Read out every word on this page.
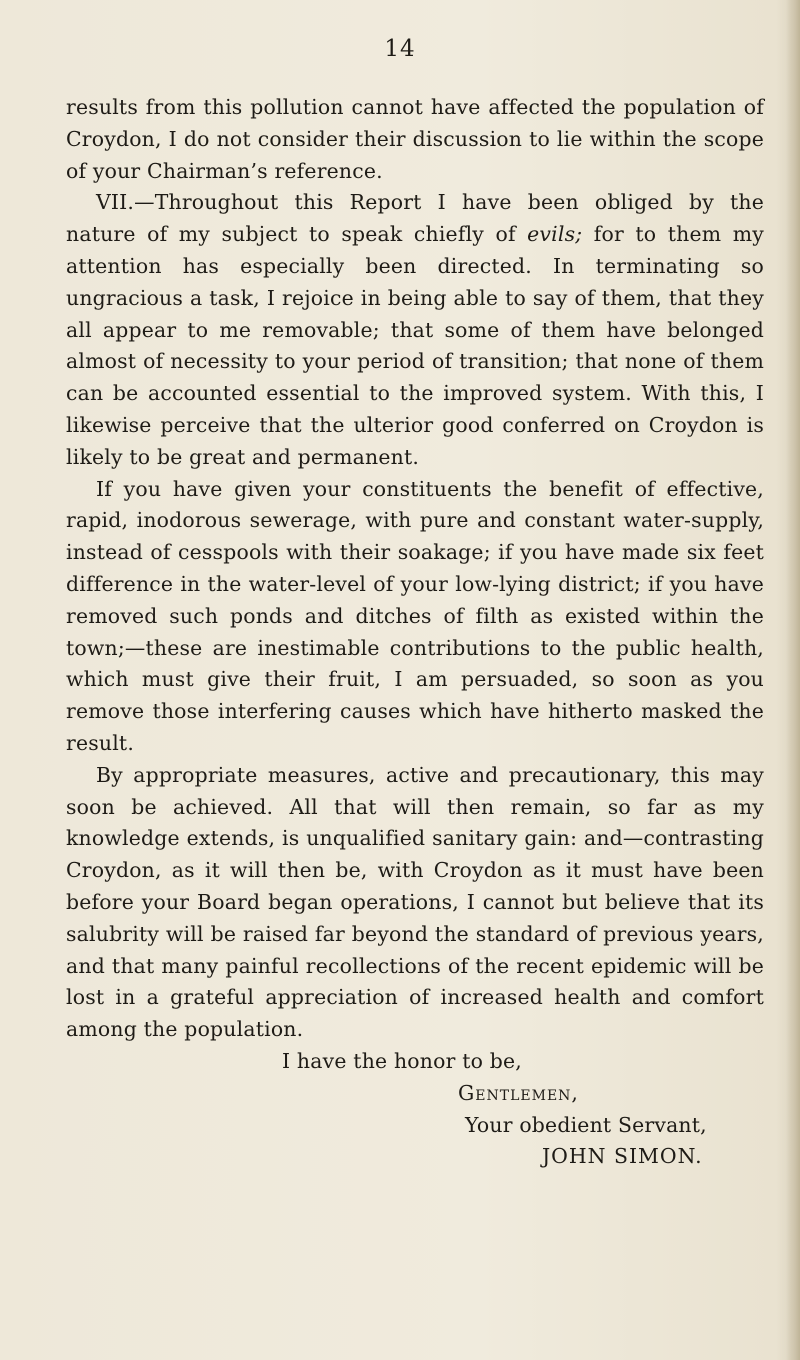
14

results from this pollution cannot have affected the population of Croydon, I do not consider their discussion to lie within the scope of your Chairman’s reference.

VII.—Throughout this Report I have been obliged by the nature of my subject to speak chiefly of evils; for to them my attention has especially been directed. In terminating so ungracious a task, I rejoice in being able to say of them, that they all appear to me removable; that some of them have belonged almost of necessity to your period of transition; that none of them can be accounted essential to the improved system. With this, I likewise perceive that the ulterior good conferred on Croydon is likely to be great and permanent.

If you have given your constituents the benefit of effective, rapid, inodorous sewerage, with pure and constant water-supply, instead of cesspools with their soakage; if you have made six feet difference in the water-level of your low-lying district; if you have removed such ponds and ditches of filth as existed within the town;—these are inestimable contributions to the public health, which must give their fruit, I am persuaded, so soon as you remove those interfering causes which have hitherto masked the result.

By appropriate measures, active and precautionary, this may soon be achieved. All that will then remain, so far as my knowledge extends, is unqualified sanitary gain: and—contrasting Croydon, as it will then be, with Croydon as it must have been before your Board began operations, I cannot but believe that its salubrity will be raised far beyond the standard of previous years, and that many painful recollections of the recent epidemic will be lost in a grateful appreciation of increased health and comfort among the population.

I have the honor to be,

Gentlemen,

Your obedient Servant,

JOHN SIMON.
